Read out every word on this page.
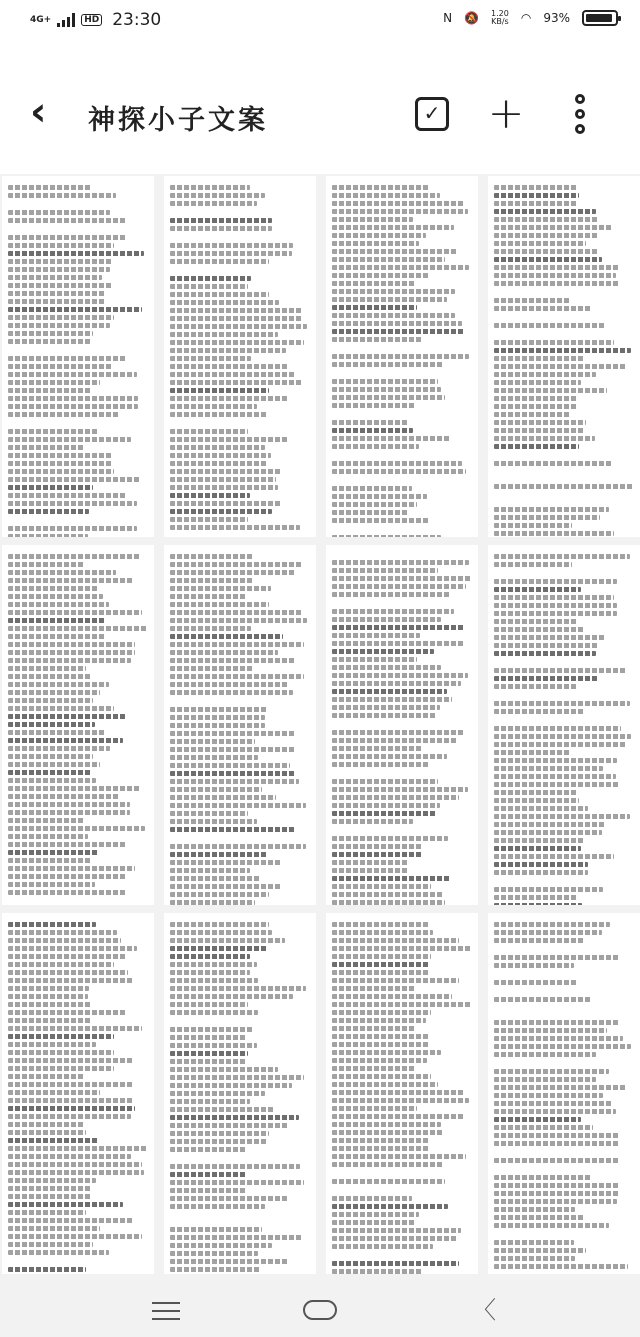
4G+	HD 23:30	N 🔕 1.20
KB/s ◠ 93%
‹	神探小子文案	✓ +
〈
